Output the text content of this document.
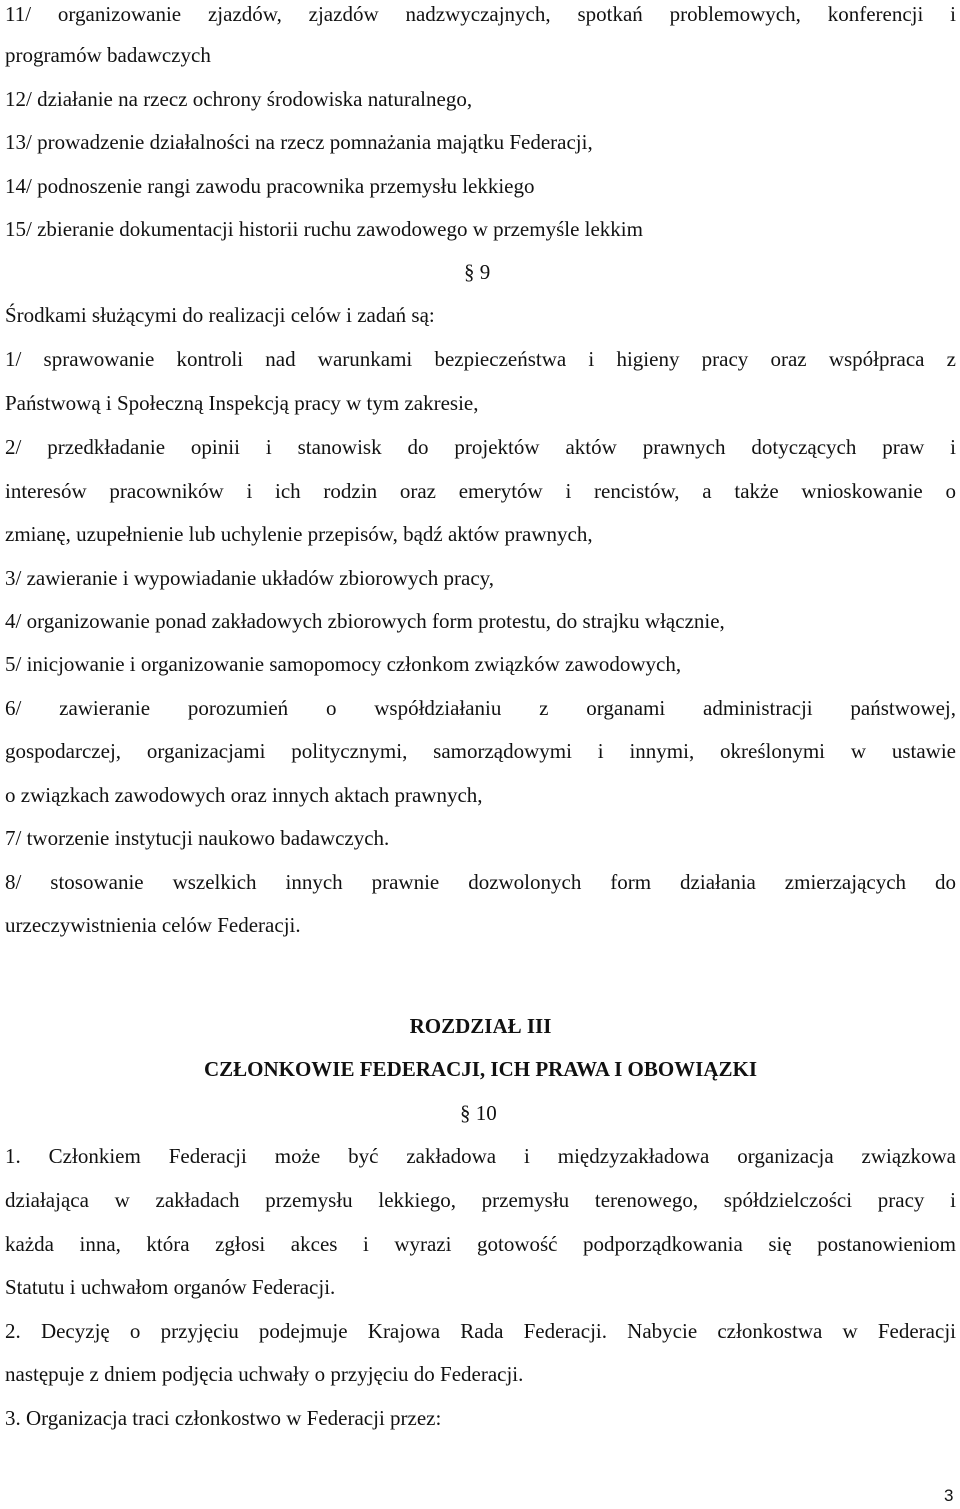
11/ organizowanie zjazdów, zjazdów nadzwyczajnych, spotkań problemowych, konferencji i
programów badawczych
12/ działanie na rzecz ochrony środowiska naturalnego,
13/ prowadzenie działalności na rzecz pomnażania majątku Federacji,
14/ podnoszenie rangi zawodu pracownika przemysłu lekkiego
15/ zbieranie dokumentacji historii ruchu zawodowego w przemyśle lekkim
§ 9
Środkami służącymi do realizacji celów i zadań są:
1/ sprawowanie kontroli nad warunkami bezpieczeństwa i higieny pracy oraz współpraca z
Państwową i Społeczną Inspekcją pracy w tym zakresie,
2/ przedkładanie opinii i stanowisk do projektów aktów prawnych dotyczących praw i
interesów pracowników i ich rodzin oraz emerytów i rencistów, a także wnioskowanie o
zmianę, uzupełnienie lub uchylenie przepisów, bądź aktów prawnych,
3/ zawieranie i wypowiadanie układów zbiorowych pracy,
4/ organizowanie ponad zakładowych zbiorowych form protestu, do strajku włącznie,
5/ inicjowanie i organizowanie samopomocy członkom związków zawodowych,
6/ zawieranie porozumień o współdziałaniu z organami administracji państwowej,
gospodarczej, organizacjami politycznymi, samorządowymi i innymi, określonymi w ustawie
o związkach zawodowych oraz innych aktach prawnych,
7/ tworzenie instytucji naukowo badawczych.
8/ stosowanie wszelkich innych prawnie dozwolonych form działania zmierzających do
urzeczywistnienia celów Federacji.
ROZDZIAŁ III
CZŁONKOWIE FEDERACJI, ICH PRAWA I OBOWIĄZKI
§ 10
1. Członkiem Federacji może być zakładowa i międzyzakładowa organizacja związkowa
działająca w zakładach przemysłu lekkiego, przemysłu terenowego, spółdzielczości pracy i
każda inna, która zgłosi akces i wyrazi gotowość podporządkowania się postanowieniom
Statutu i uchwałom organów Federacji.
2. Decyzję o przyjęciu podejmuje Krajowa Rada Federacji. Nabycie członkostwa w Federacji
następuje z dniem podjęcia uchwały o przyjęciu do Federacji.
3. Organizacja traci członkostwo w Federacji przez:
3
